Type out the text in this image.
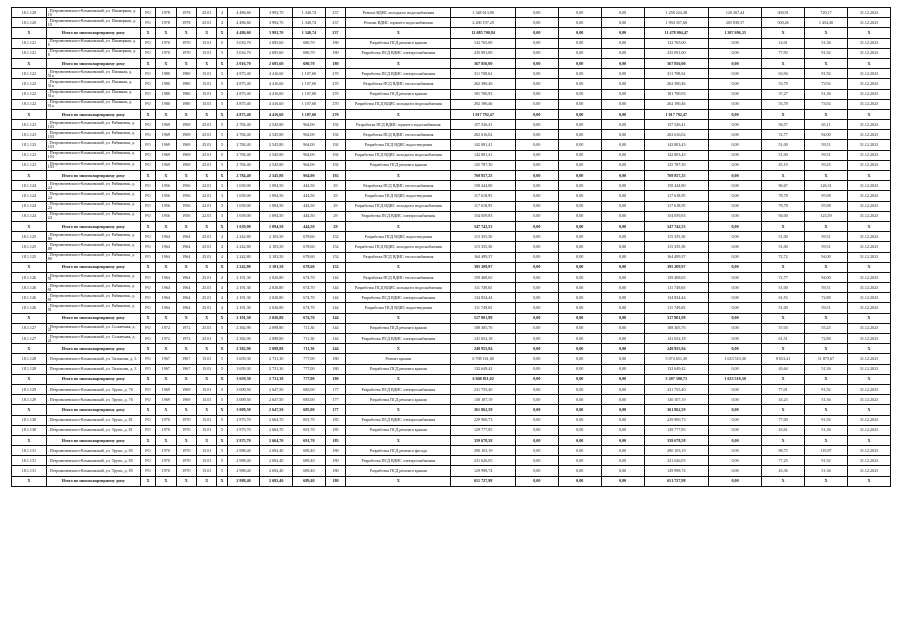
18.1.120	. Петровичевского-Кочановский, ул. Пионерная, д. 10	РО	1978	1978	25.01	4	4 486,60	3 992,70	1 340,74	237	Ремонт ВДИС холодного водоснабжения	1 348 613,80	0,00	0,00	0,00	1 258 224,38	120 367,44	300,91	720,17	31.12.2023
18.1.120	. Петровичевского-Кочановский, ул. Пионерная, д. 10	РО	1978	1978	25.01	4	4 486,60	3 992,70	1 340,74	237	Ремонт ВДИС горячего водоснабжения	2 200 197,20	0,00	0,00	0,00	1 994 357,60	205 839,57	500,26	1 454,40	31.12.2023
X	Итого по многоквартирному дому	X	X	X	X	X	4 486,60	3 992,70	1 340,74	237	X	12 685 700,84	0,00	0,00	0,00	11 478 004,47	1 207 696,33	X	X	X
18.1.121	. Петровичевского-Кочановский, ул. Пионерная, д. 6	РО	1970	1970	15.01	5	3 016,70	2 695,60	680,70	180	Разработка ПСД ремонта крыши	132 765,00	0,00	0,00	0,00	132 765,00	0,00	14,01	51,36	31.12.2023
18.1.121	. Петровичевского-Кочановский, ул. Пионерная, д. 6	РО	1970	1970	15.01	5	3 016,70	2 695,60	680,70	180	Разработка ПСД ВДИС электроснабжения	235 091,00	0,00	0,00	0,00	235 091,00	0,00	77,93	91,92	31.12.2023
X	Итого по многоквартирному дому	X	X	X	X	X	2 016,70	2 695,60	680,70	180	X	367 856,00	0,00	0,00	0,00	367 856,00	0,00	X	X	X
18.1.122	. Петровичевского-Кочановский, ул. Пионная, д. 51а	РО	1980	1980	15.01	5	4 875,40	4 416,60	1 107,60	270	Разработка ПСД ВДИС электроснабжения	311 708,62	0,00	0,00	0,00	311 708,62	0,00	63,94	91,92	31.12.2023
18.1.122	. Петровичевского-Кочановский, ул. Пионная, д. 51а	РО	1980	1980	15.01	5	4 875,40	4 416,60	1 107,60	270	Разработка ПСД ВДИС теплоснабжения	262 390,46	0,00	0,00	0,00	262 390,46	0,00	53,79	73,92	31.12.2023
18.1.122	. Петровичевского-Кочановский, ул. Пионная, д. 51а	РО	1980	1980	15.01	5	4 875,40	4 416,60	1 107,60	270	Разработка ПСД ремонта крыши	181 700,93	0,00	0,00	0,00	181 700,93	0,00	37,27	51,36	31.12.2023
18.1.122	. Петровичевского-Кочановский, ул. Пионная, д. 51а	РО	1980	1980	15.01	5	4 875,40	4 416,60	1 107,60	270	Разработка ПСД ВДИС холодного водоснабжения	292 196,46	0,00	0,00	0,00	262 190,46	0,00	53,78	73,92	31.12.2023
X	Итого по многоквартирному дому	X	X	X	X	X	4 875,40	4 416,60	1 107,60	270	X	1 017 792,47	0,00	0,00	0,00	1 017 792,47	0,00	X	X	X
18.1.123	. Петровичевского-Кочановский, ул. Рябиновая, д. 103	РО	1969	1969	25.01	5	2 784,40	2 545,80	964,00	192	Разработка ПСД ВДИС горячего водоснабжения	157 526,41	0,00	0,00	0,00	157 526,41	0,00	56,57	65,11	31.12.2023
18.1.123	. Петровичевского-Кочановский, ул. Рябиновая, д. 103	РО	1969	1969	25.01	5	2 784,40	2 545,80	964,00	192	Разработка ПСД ВДИС теплоснабжения	202 616,02	0,00	0,00	0,00	202 616,02	0,00	72,77	94,00	31.12.2023
18.1.123	. Петровичевского-Кочановский, ул. Рябиновая, д. 103	РО	1969	1969	25.01	5	2 784,40	2 545,80	964,00	192	Разработка ПСД ВДИС водоотведения	142 081,41	0,00	0,00	0,00	142 803,43	0,00	51,00	59,51	31.12.2023
18.1.123	. Петровичевского-Кочановский, ул. Рябиновая, д. 103	РО	1969	1969	25.01	5	2 784,40	2 545,80	964,00	192	Разработка ПСД ВДИС холодного водоснабжения	142 081,41	0,00	0,00	0,00	142 803,43	0,00	51,00	59,51	31.12.2023
18.1.123	. Петровичевского-Кочановский, ул. Рябиновая, д. 103	РО	1969	1969	25.01	5	2 784,40	2 545,80	964,00	192	Разработка ПСД ремонта крыши	125 787,30	0,00	0,00	0,00	125 787,30	0,00	45,19	59,25	31.12.2023
X	Итого по многоквартирному дому	X	X	X	X	X	2 784,40	2 545,80	964,00	192	X	769 857,25	0,00	0,00	0,00	769 857,25	0,00	X	X	X
18.1.124	. Петровичевского-Кочановский, ул. Рябиновая, д. 24	РО	1956	1956	22.01	3	1 639,00	1 094,50	444,50	29	Разработка ПСД ВДИС теплоснабжения	158 444,80	0,00	0,00	0,00	158 444,80	0,00	96,67	126,31	31.12.2023
18.1.124	. Петровичевского-Кочановский, ул. Рябиновая, д. 24	РО	1956	1956	22.01	3	1 639,00	1 094,50	444,50	29	Разработка ПСД ВДИС водоотведения	117 618,95	0,00	0,00	0,00	117 618,95	0,00	78,78	95,98	31.12.2023
18.1.124	. Петровичевского-Кочановский, ул. Рябиновая, д. 24	РО	1956	1956	22.01	3	1 639,00	1 094,50	444,50	29	Разработка ПСД ВДИС холодного водоснабжения	117 618,95	0,00	0,00	0,00	117 618,95	0,00	78,78	95,98	31.12.2023
18.1.124	. Петровичевского-Кочановский, ул. Рябиновая, д. 24	РО	1956	1956	22.01	3	1 639,00	1 094,50	444,50	29	Разработка ПСД ВДИС электроснабжения	154 059,83	0,00	0,00	0,00	154 059,83	0,00	94,00	123,59	31.12.2023
X	Итого по многоквартирному дому	X	X	X	X	X	1 639,00	1 094,50	444,50	29	X	547 742,53	0,00	0,00	0,00	547 742,53	0,00	X	X	X
18.1.125	. Петровичевского-Кочановский, ул. Рябиновая, д. 80	РО	1964	1964	25.01	4	2 242,80	2 103,50	678,60	152	Разработка ПСД ВДИС водоотведения	115 355,30	0,00	0,00	0,00	115 355,30	0,00	51,00	59,51	31.12.2023
18.1.125	. Петровичевского-Кочановский, ул. Рябиновая, д. 80	РО	1964	1964	25.01	4	2 242,80	2 103,50	678,60	152	Разработка ПСД ВДИС холодного водоснабжения	115 355,30	0,00	0,00	0,00	115 355,30	0,00	51,00	59,51	31.12.2023
18.1.125	. Петровичевского-Кочановский, ул. Рябиновая, д. 80	РО	1964	1964	25.01	4	2 242,80	2 103,50	678,60	152	Разработка ПСД ВДИС теплоснабжения	164 499,37	0,00	0,00	0,00	164 499,37	0,00	72,72	94,00	31.12.2023
X	Итого по многоквартирному дому	X	X	X	X	X	2 242,80	2 103,50	678,60	152	X	395 209,97	0,00	0,00	0,00	395 209,97	0,00	X	X	X
18.1.126	. Петровичевского-Кочановский, ул. Рябиновая, д. 91	РО	1964	1964	25.01	4	2 191,30	2 026,80	674,70	144	Разработка ПСД ВДИС теплоснабжения	159 408,65	0,00	0,00	0,00	159 408,65	0,00	72,77	94,00	31.12.2023
18.1.126	. Петровичевского-Кочановский, ул. Рябиновая, д. 91	РО	1964	1964	25.01	4	2 191,30	2 026,80	674,70	144	Разработка ПСД ВДИС холодного водоснабжения	111 749,65	0,00	0,00	0,00	111 749,65	0,00	51,00	59,51	31.12.2023
18.1.126	. Петровичевского-Кочановский, ул. Рябиновая, д. 91	РО	1964	1964	25.01	4	2 191,30	2 026,80	674,70	144	Разработка ПСД ВДИС электроснабжения	134 834,44	0,00	0,00	0,00	134 834,44	0,00	61,53	72,80	31.12.2023
18.1.126	. Петровичевского-Кочановский, ул. Рябиновая, д. 91	РО	1964	1964	25.01	4	2 191,30	2 026,80	674,70	144	Разработка ПСД ВДИС водоотведения	111 749,65	0,00	0,00	0,00	111 749,65	0,00	51,00	59,51	31.12.2023
X	Итого по многоквартирному дому	X	X	X	X	X	2 191,30	2 026,80	674,70	144	X	517 801,99	0,00	0,00	0,00	517 801,99	0,00	X	X	X
18.1.127	. Петровичевского-Кочановский, ул. Солнечная, д. 21	РО	1972	1972	25.01	5	2 382,90	2 098,80	711,30	144	Разработка ПСД ремонта крыши	108 305,76	0,00	0,00	0,00	108 305,76	0,00	37,03	55,25	31.12.2023
18.1.127	. Петровичевского-Кочановский, ул. Солнечная, д. 21	РО	1972	1972	25.01	5	2 382,90	2 098,80	711,30	144	Разработка ПСД ВДИС электроснабжения	141 652,18	0,00	0,00	0,00	141 652,18	0,00	61,51	72,80	31.12.2023
X	Итого по многоквартирному дому	X	X	X	X	X	2 382,90	2 098,80	711,30	144	X	249 955,94	0,00	0,00	0,00	249 955,94	0,00	X	X	X
18.1.128	. Петровичевского-Кочановский, ул. Тихонова, д. 3	РО	1967	1967	15.01	5	3 659,30	2 731,30	777,00	180	Ремонт крыши	6 708 161,00	0,00	0,00	0,00	5 074 651,30	1 633 510,30	8 653,41	11 875,67	31.12.2023
18.1.128	. Петровичевского-Кочановский, ул. Тихонова, д. 3	РО	1967	1967	15.01	5	3 659,30	2 731,30	777,00	180	Разработка ПСД ремонта крыши	132 649,42	0,00	0,00	0,00	132 649,42	0,00	43,64	51,36	31.12.2023
X	Итого по многоквартирному дому	X	X	X	X	X	3 659,30	2 731,30	777,00	180	X	6 840 811,02	0,00	0,00	0,00	5 207 300,73	1 633 510,30	X	X	X
18.1.129	. Петровичевского-Кочановский, ул. Трупп, д. 76	РО	1969	1969	15.01	5	3 009,50	2 647,50	685,00	177	Разработка ПСД ВДИС электроснабжения	231 755,40	0,00	0,00	0,00	231 755,40	0,00	77,01	91,92	31.12.2023
18.1.129	. Петровичевского-Кочановский, ул. Трупп, д. 76	РО	1969	1969	15.01	5	3 009,50	2 647,50	685,00	177	Разработка ПСД ремонта крыши	130 107,19	0,00	0,00	0,00	130 107,19	0,00	43,23	51,36	31.12.2023
X	Итого по многоквартирному дому	X	X	X	X	X	3 009,50	2 647,50	685,00	177	X	361 862,59	0,00	0,00	0,00	361 862,59	0,00	X	X	X
18.1.130	. Петровичевского-Кочановский, ул. Трупп, д. 81	РО	1970	1970	15.01	5	2 975,70	2 664,70	691,70	185	Разработка ПСД ВДИС электроснабжения	229 900,73	0,00	0,00	0,00	229 900,73	0,00	77,00	91,92	31.12.2023
18.1.130	. Петровичевского-Кочановский, ул. Трупп, д. 81	РО	1970	1970	15.01	5	2 975,70	2 664,70	691,70	185	Разработка ПСД ремонта крыши	129 777,85	0,00	0,00	0,00	129 777,85	0,00	43,61	51,36	31.12.2023
X	Итого по многоквартирному дому	X	X	X	X	X	2 975,70	2 664,70	691,70	185	X	359 678,58	0,00	0,00	0,00	359 678,58	0,00	X	X	X
18.1.131	. Петровичевского-Кочановский, ул. Трупп, д. 85	РО	1970	1970	15.01	5	2 988,40	2 692,40	689,40	180	Разработка ПСД ремонта фасада	290 103,19	0,00	0,00	0,00	290 103,19	0,00	98,75	119,87	31.12.2023
18.1.131	. Петровичевского-Кочановский, ул. Трупп, д. 85	РО	1970	1970	15.01	5	2 988,40	2 692,40	689,40	180	Разработка ПСД ВДИС электроснабжения	231 626,05	0,00	0,00	0,00	231 626,05	0,00	77,25	91,92	31.12.2023
18.1.131	. Петровичевского-Кочановский, ул. Трупп, д. 85	РО	1970	1970	15.01	5	2 988,40	2 692,40	689,40	180	Разработка ПСД ремонта крыши	129 998,74	0,00	0,00	0,00	129 998,74	0,00	43,36	51,36	31.12.2023
X	Итого по многоквартирному дому	X	X	X	X	X	2 988,40	2 692,40	689,40	180	X	651 727,98	0,00	0,00	0,00	651 727,98	0,00	X	X	X
